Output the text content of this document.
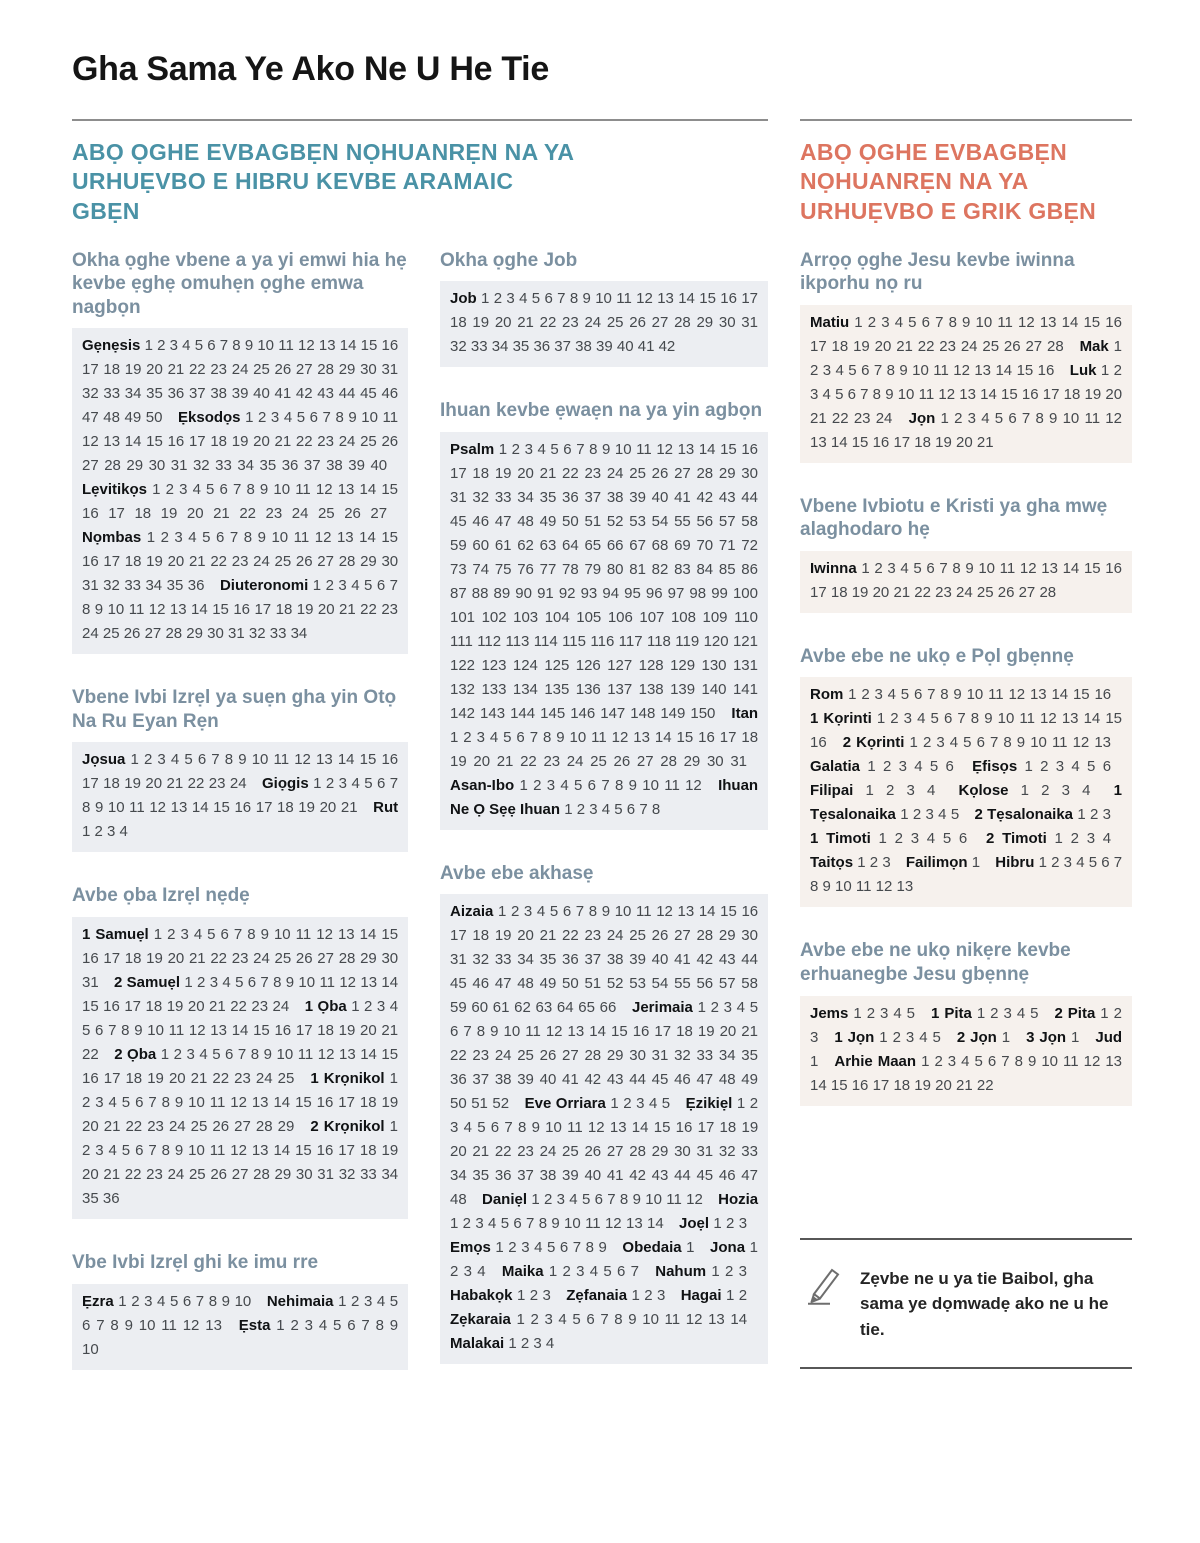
Gha Sama Ye Ako Ne U He Tie
ABỌ ỌGHE EVBAGBẸN NỌHUANRẸN NA YA URHUẸVBO E HIBRU KEVBE ARAMAIC GBẸN
ABỌ ỌGHE EVBAGBẸN NỌHUANRẸN NA YA URHUẸVBO E GRIK GBẸN
Okha ọghe vbene a ya yi emwi hia hẹ kevbe ẹghẹ omuhẹn ọghe emwa nagbọn
Gẹnẹsis 1 2 3 4 5 6 7 8 9 10 11 12 13 14 15 16 17 18 19 20 21 22 23 24 25 26 27 28 29 30 31 32 33 34 35 36 37 38 39 40 41 42 43 44 45 46 47 48 49 50 Ẹksodọs 1 2 3 4 5 6 7 8 9 10 11 12 13 14 15 16 17 18 19 20 21 22 23 24 25 26 27 28 29 30 31 32 33 34 35 36 37 38 39 40 Lẹvitikọs 1 2 3 4 5 6 7 8 9 10 11 12 13 14 15 16 17 18 19 20 21 22 23 24 25 26 27 Nọmbas 1 2 3 4 5 6 7 8 9 10 11 12 13 14 15 16 17 18 19 20 21 22 23 24 25 26 27 28 29 30 31 32 33 34 35 36 Diuteronomi 1 2 3 4 5 6 7 8 9 10 11 12 13 14 15 16 17 18 19 20 21 22 23 24 25 26 27 28 29 30 31 32 33 34
Vbene Ivbi Izrẹl ya suẹn gha yin Otọ Na Ru Eyan Rẹn
Jọsua 1 2 3 4 5 6 7 8 9 10 11 12 13 14 15 16 17 18 19 20 21 22 23 24 Giọgis 1 2 3 4 5 6 7 8 9 10 11 12 13 14 15 16 17 18 19 20 21 Rut 1 2 3 4
Avbe ọba Izrẹl nẹdẹ
1 Samuẹl 1 2 3 4 5 6 7 8 9 10 11 12 13 14 15 16 17 18 19 20 21 22 23 24 25 26 27 28 29 30 31 2 Samuẹl 1 2 3 4 5 6 7 8 9 10 11 12 13 14 15 16 17 18 19 20 21 22 23 24 1 Ọba 1 2 3 4 5 6 7 8 9 10 11 12 13 14 15 16 17 18 19 20 21 22 2 Ọba 1 2 3 4 5 6 7 8 9 10 11 12 13 14 15 16 17 18 19 20 21 22 23 24 25 1 Krọnikol 1 2 3 4 5 6 7 8 9 10 11 12 13 14 15 16 17 18 19 20 21 22 23 24 25 26 27 28 29 2 Krọnikol 1 2 3 4 5 6 7 8 9 10 11 12 13 14 15 16 17 18 19 20 21 22 23 24 25 26 27 28 29 30 31 32 33 34 35 36
Vbe Ivbi Izrẹl ghi ke imu rre
Ẹzra 1 2 3 4 5 6 7 8 9 10 Nehimaia 1 2 3 4 5 6 7 8 9 10 11 12 13 Ẹsta 1 2 3 4 5 6 7 8 9 10
Okha ọghe Job
Job 1 2 3 4 5 6 7 8 9 10 11 12 13 14 15 16 17 18 19 20 21 22 23 24 25 26 27 28 29 30 31 32 33 34 35 36 37 38 39 40 41 42
Ihuan kevbe ẹwaẹn na ya yin agbọn
Psalm 1 2 3 4 5 6 7 8 9 10 11 12 13 14 15 16 17 18 19 20 21 22 23 24 25 26 27 28 29 30 31 32 33 34 35 36 37 38 39 40 41 42 43 44 45 46 47 48 49 50 51 52 53 54 55 56 57 58 59 60 61 62 63 64 65 66 67 68 69 70 71 72 73 74 75 76 77 78 79 80 81 82 83 84 85 86 87 88 89 90 91 92 93 94 95 96 97 98 99 100 101 102 103 104 105 106 107 108 109 110 111 112 113 114 115 116 117 118 119 120 121 122 123 124 125 126 127 128 129 130 131 132 133 134 135 136 137 138 139 140 141 142 143 144 145 146 147 148 149 150 Itan 1 2 3 4 5 6 7 8 9 10 11 12 13 14 15 16 17 18 19 20 21 22 23 24 25 26 27 28 29 30 31 Asan-Ibo 1 2 3 4 5 6 7 8 9 10 11 12 Ihuan Ne Ọ Sẹẹ Ihuan 1 2 3 4 5 6 7 8
Avbe ebe akhasẹ
Aizaia 1 2 3 4 5 6 7 8 9 10 11 12 13 14 15 16 17 18 19 20 21 22 23 24 25 26 27 28 29 30 31 32 33 34 35 36 37 38 39 40 41 42 43 44 45 46 47 48 49 50 51 52 53 54 55 56 57 58 59 60 61 62 63 64 65 66 Jerimaia 1 2 3 4 5 6 7 8 9 10 11 12 13 14 15 16 17 18 19 20 21 22 23 24 25 26 27 28 29 30 31 32 33 34 35 36 37 38 39 40 41 42 43 44 45 46 47 48 49 50 51 52 Eve Orriara 1 2 3 4 5 Ẹzikiẹl 1 2 3 4 5 6 7 8 9 10 11 12 13 14 15 16 17 18 19 20 21 22 23 24 25 26 27 28 29 30 31 32 33 34 35 36 37 38 39 40 41 42 43 44 45 46 47 48 Daniẹl 1 2 3 4 5 6 7 8 9 10 11 12 Hozia 1 2 3 4 5 6 7 8 9 10 11 12 13 14 Joẹl 1 2 3 Emọs 1 2 3 4 5 6 7 8 9 Obedaia 1 Jona 1 2 3 4 Maika 1 2 3 4 5 6 7 Nahum 1 2 3 Habakọk 1 2 3 Zẹfanaia 1 2 3 Hagai 1 2 Zẹkaraia 1 2 3 4 5 6 7 8 9 10 11 12 13 14 Malakai 1 2 3 4
Arrọọ ọghe Jesu kevbe iwinna ikporhu nọ ru
Matiu 1 2 3 4 5 6 7 8 9 10 11 12 13 14 15 16 17 18 19 20 21 22 23 24 25 26 27 28 Mak 1 2 3 4 5 6 7 8 9 10 11 12 13 14 15 16 Luk 1 2 3 4 5 6 7 8 9 10 11 12 13 14 15 16 17 18 19 20 21 22 23 24 Jọn 1 2 3 4 5 6 7 8 9 10 11 12 13 14 15 16 17 18 19 20 21
Vbene Ivbiotu e Kristi ya gha mwẹ alaghodaro hẹ
Iwinna 1 2 3 4 5 6 7 8 9 10 11 12 13 14 15 16 17 18 19 20 21 22 23 24 25 26 27 28
Avbe ebe ne ukọ e Pọl gbẹnnẹ
Rom 1 2 3 4 5 6 7 8 9 10 11 12 13 14 15 16 1 Kọrinti 1 2 3 4 5 6 7 8 9 10 11 12 13 14 15 16 2 Kọrinti 1 2 3 4 5 6 7 8 9 10 11 12 13 Galatia 1 2 3 4 5 6 Ẹfisọs 1 2 3 4 5 6 Filipai 1 2 3 4 Kọlose 1 2 3 4 1 Tẹsalonaika 1 2 3 4 5 2 Tẹsalonaika 1 2 3 1 Timoti 1 2 3 4 5 6 2 Timoti 1 2 3 4 Taitọs 1 2 3 Failimọn 1 Hibru 1 2 3 4 5 6 7 8 9 10 11 12 13
Avbe ebe ne ukọ nikẹre kevbe erhuanegbe Jesu gbẹnnẹ
Jems 1 2 3 4 5 1 Pita 1 2 3 4 5 2 Pita 1 2 3 1 Jọn 1 2 3 4 5 2 Jọn 1 3 Jọn 1 Jud 1 Arhie Maan 1 2 3 4 5 6 7 8 9 10 11 12 13 14 15 16 17 18 19 20 21 22

Zẹvbe ne u ya tie Baibol, gha sama ye dọmwadẹ ako ne u he tie.
